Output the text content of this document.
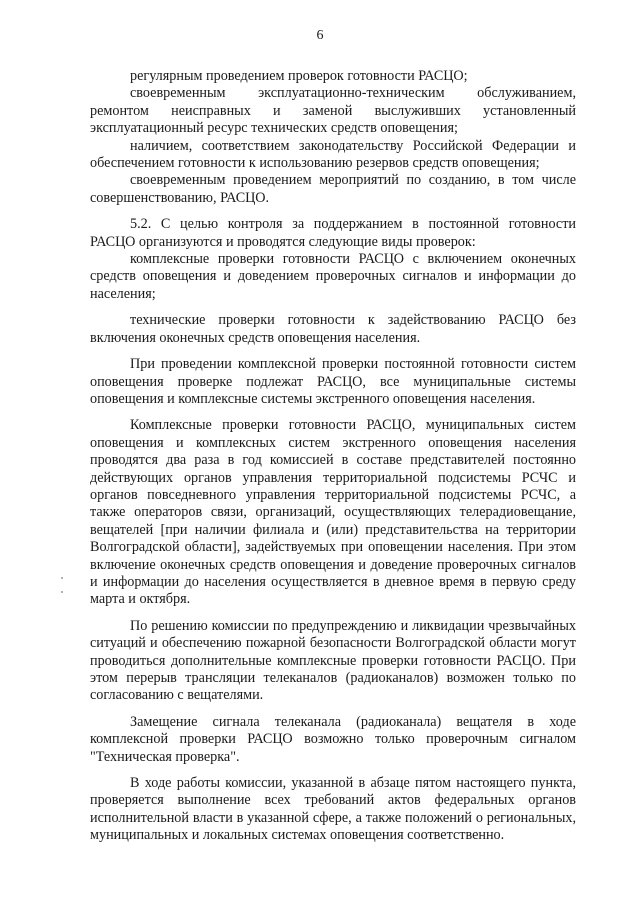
6

регулярным проведением проверок готовности РАСЦО;

своевременным эксплуатационно-техническим обслуживанием, ремонтом неисправных и заменой выслуживших установленный эксплуатационный ресурс технических средств оповещения;

наличием, соответствием законодательству Российской Федерации и обеспечением готовности к использованию резервов средств оповещения;

своевременным проведением мероприятий по созданию, в том числе совершенствованию, РАСЦО.

5.2. С целью контроля за поддержанием в постоянной готовности РАСЦО организуются и проводятся следующие виды проверок:

комплексные проверки готовности РАСЦО с включением оконечных средств оповещения и доведением проверочных сигналов и информации до населения;

технические проверки готовности к задействованию РАСЦО без включения оконечных средств оповещения населения.

При проведении комплексной проверки постоянной готовности систем оповещения проверке подлежат РАСЦО, все муниципальные системы оповещения и комплексные системы экстренного оповещения населения.

Комплексные проверки готовности РАСЦО, муниципальных систем оповещения и комплексных систем экстренного оповещения населения проводятся два раза в год комиссией в составе представителей постоянно действующих органов управления территориальной подсистемы РСЧС и органов повседневного управления территориальной подсистемы РСЧС, а также операторов связи, организаций, осуществляющих телерадиовещание, вещателей [при наличии филиала и (или) представительства на территории Волгоградской области], задействуемых при оповещении населения. При этом включение оконечных средств оповещения и доведение проверочных сигналов и информации до населения осуществляется в дневное время в первую среду марта и октября.

По решению комиссии по предупреждению и ликвидации чрезвычайных ситуаций и обеспечению пожарной безопасности Волгоградской области могут проводиться дополнительные комплексные проверки готовности РАСЦО. При этом перерыв трансляции телеканалов (радиоканалов) возможен только по согласованию с вещателями.

Замещение сигнала телеканала (радиоканала) вещателя в ходе комплексной проверки РАСЦО возможно только проверочным сигналом "Техническая проверка".

В ходе работы комиссии, указанной в абзаце пятом настоящего пункта, проверяется выполнение всех требований актов федеральных органов исполнительной власти в указанной сфере, а также положений о региональных, муниципальных и локальных системах оповещения соответственно.
